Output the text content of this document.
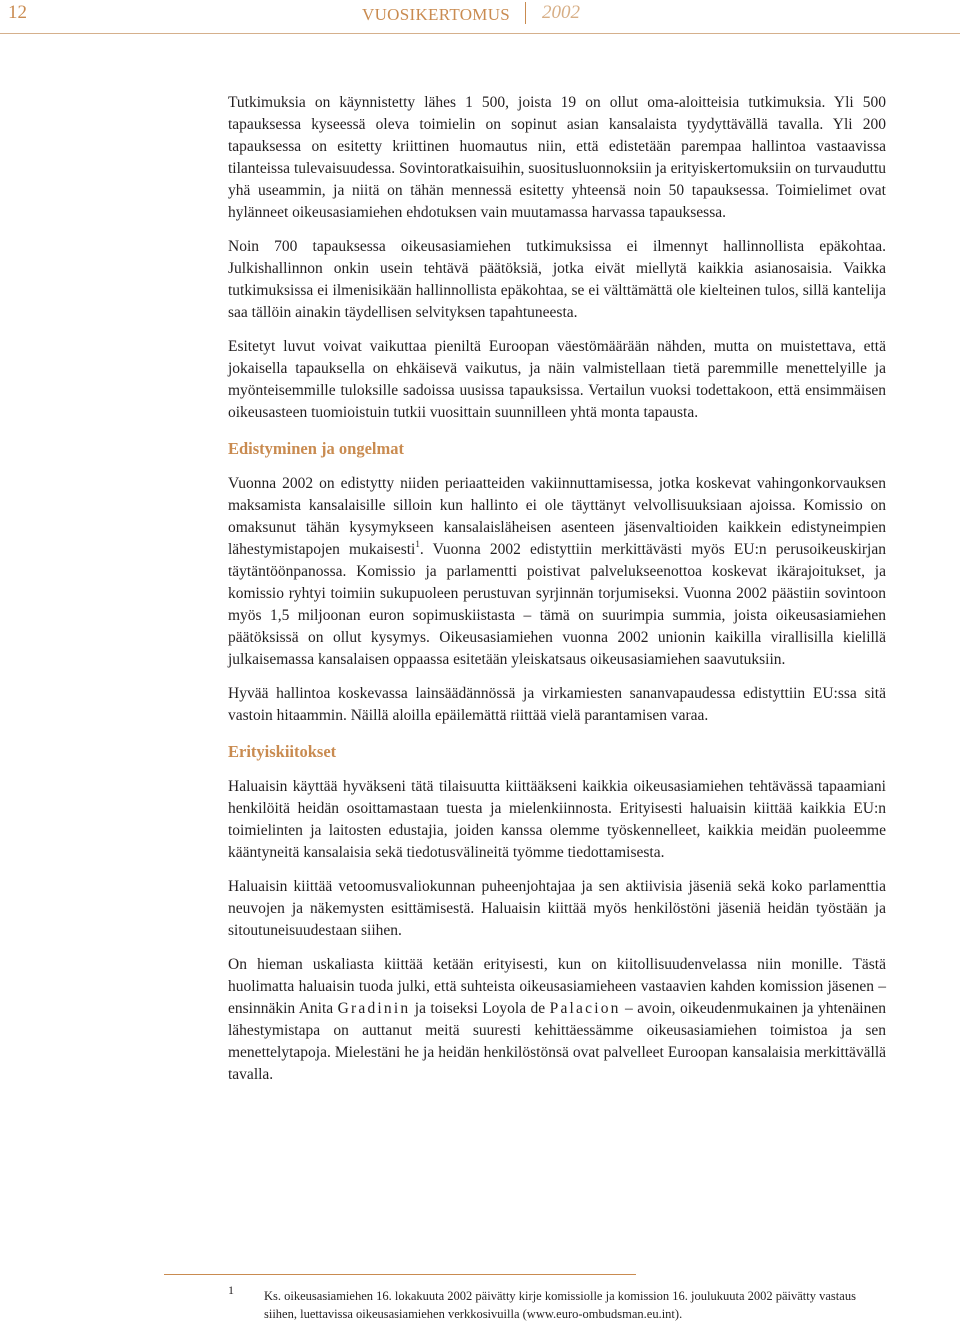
12	VUOSIKERTOMUS 2002

Tutkimuksia on käynnistetty lähes 1 500, joista 19 on ollut oma-aloitteisia tutkimuksia. Yli 500 tapauksessa kyseessä oleva toimielin on sopinut asian kansalaista tyydyttävällä tavalla. Yli 200 tapauksessa on esitetty kriittinen huomautus niin, että edistetään parempaa hallintoa vastaavissa tilanteissa tulevaisuudessa. Sovintoratkaisuihin, suositusluonnoksiin ja erityiskertomuksiin on turvauduttu yhä useammin, ja niitä on tähän mennessä esitetty yhteensä noin 50 tapauksessa. Toimielimet ovat hylänneet oikeusasiamiehen ehdotuksen vain muutamassa harvassa tapauksessa.

Noin 700 tapauksessa oikeusasiamiehen tutkimuksissa ei ilmennyt hallinnollista epäkohtaa. Julkishallinnon onkin usein tehtävä päätöksiä, jotka eivät miellytä kaikkia asianosaisia. Vaikka tutkimuksissa ei ilmenisikään hallinnollista epäkohtaa, se ei välttämättä ole kielteinen tulos, sillä kantelija saa tällöin ainakin täydellisen selvityksen tapahtuneesta.

Esitetyt luvut voivat vaikuttaa pieniltä Euroopan väestömäärään nähden, mutta on muistettava, että jokaisella tapauksella on ehkäisevä vaikutus, ja näin valmistellaan tietä paremmille menettelyille ja myönteisemmille tuloksille sadoissa uusissa tapauksissa. Vertailun vuoksi todettakoon, että ensimmäisen oikeusasteen tuomioistuin tutkii vuosittain suunnilleen yhtä monta tapausta.

Edistyminen ja ongelmat

Vuonna 2002 on edistytty niiden periaatteiden vakiinnuttamisessa, jotka koskevat vahingonkorvauksen maksamista kansalaisille silloin kun hallinto ei ole täyttänyt velvollisuuksiaan ajoissa. Komissio on omaksunut tähän kysymykseen kansalaisläheisen asenteen jäsenvaltioiden kaikkein edistyneimpien lähestymistapojen mukaisesti$^1$. Vuonna 2002 edistyttiin merkittävästi myös EU:n perusoikeuskirjan täytäntöönpanossa. Komissio ja parlamentti poistivat palvelukseenottoa koskevat ikärajoitukset, ja komissio ryhtyi toimiin sukupuoleen perustuvan syrjinnän torjumiseksi. Vuonna 2002 päästiin sovintoon myös 1,5 miljoonan euron sopimuskiistasta – tämä on suurimpia summia, joista oikeusasiamiehen päätöksissä on ollut kysymys. Oikeusasiamiehen vuonna 2002 unionin kaikilla virallisilla kielillä julkaisemassa kansalaisen oppaassa esitetään yleiskatsaus oikeusasiamiehen saavutuksiin.

Hyvää hallintoa koskevassa lainsäädännössä ja virkamiesten sananvapaudessa edistyttiin EU:ssa sitä vastoin hitaammin. Näillä aloilla epäilemättä riittää vielä parantamisen varaa.

Erityiskiitokset

Haluaisin käyttää hyväkseni tätä tilaisuutta kiittääkseni kaikkia oikeusasiamiehen tehtävässä tapaamiani henkilöitä heidän osoittamastaan tuesta ja mielenkiinnosta. Erityisesti haluaisin kiittää kaikkia EU:n toimielinten ja laitosten edustajia, joiden kanssa olemme työskennelleet, kaikkia meidän puoleemme kääntyneitä kansalaisia sekä tiedotusvälineitä työmme tiedottamisesta.

Haluaisin kiittää vetoomusvaliokunnan puheenjohtajaa ja sen aktiivisia jäseniä sekä koko parlamenttia neuvojen ja näkemysten esittämisestä. Haluaisin kiittää myös henkilöstöni jäseniä heidän työstään ja sitoutuneisuudestaan siihen.

On hieman uskaliasta kiittää ketään erityisesti, kun on kiitollisuudenvelassa niin monille. Tästä huolimatta haluaisin tuoda julki, että suhteista oikeusasiamieheen vastaavien kahden komission jäsenen – ensinnäkin Anita Gradinin ja toiseksi Loyola de Palacion – avoin, oikeudenmukainen ja yhtenäinen lähestymistapa on auttanut meitä suuresti kehittäessämme oikeusasiamiehen toimistoa ja sen menettelytapoja. Mielestäni he ja heidän henkilöstönsä ovat palvelleet Euroopan kansalaisia merkittävällä tavalla.

1 Ks. oikeusasiamiehen 16. lokakuuta 2002 päivätty kirje komissiolle ja komission 16. joulukuuta 2002 päivätty vastaus siihen, luettavissa oikeusasiamiehen verkkosivuilla (www.euro-ombudsman.eu.int).
